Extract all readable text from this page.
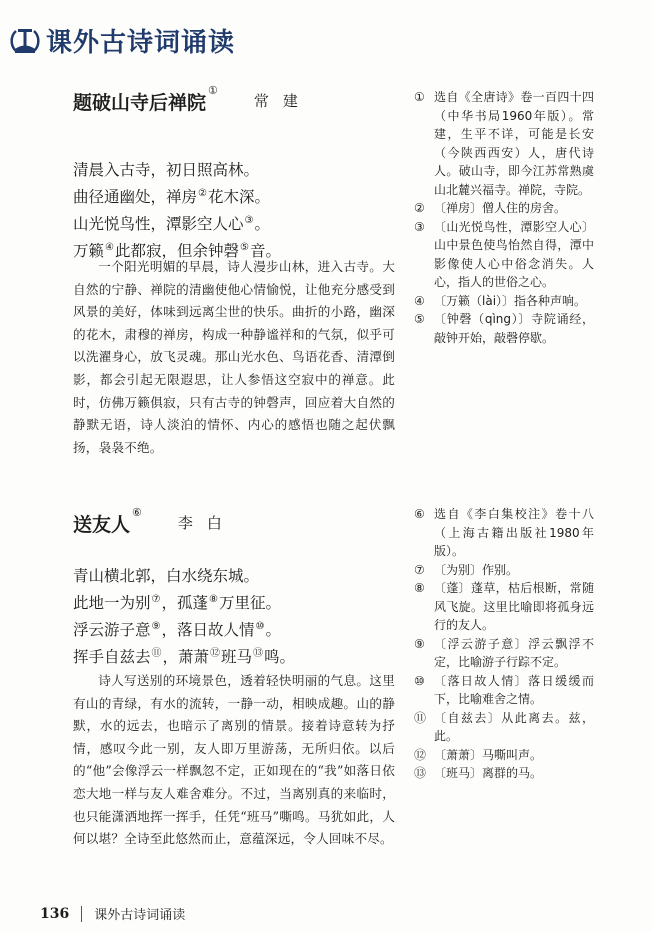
课外古诗词诵读
题破山寺后禅院
①
常建
清晨入古寺，初日照高林。
曲径通幽处，禅房②花木深。
山光悦鸟性，潭影空人心③。
万籁④此都寂，但余钟磬⑤音。
一个阳光明媚的早晨，诗人漫步山林，进入古寺。大自然的宁静、禅院的清幽使他心情愉悦，让他充分感受到风景的美好，体味到远离尘世的快乐。曲折的小路，幽深的花木，肃穆的禅房，构成一种静谧祥和的气氛，似乎可以洗濯身心，放飞灵魂。那山光水色、鸟语花香、清潭倒影，都会引起无限遐思，让人参悟这空寂中的禅意。此时，仿佛万籁俱寂，只有古寺的钟磬声，回应着大自然的静默无语，诗人淡泊的情怀、内心的感悟也随之起伏飘扬，袅袅不绝。
① 选自《全唐诗》卷一百四十四（中华书局1960年版）。常建，生平不详，可能是长安（今陕西西安）人，唐代诗人。破山寺，即今江苏常熟虞山北麓兴福寺。禅院，寺院。
② 〔禅房〕僧人住的房舍。
③ 〔山光悦鸟性，潭影空人心〕山中景色使鸟怡然自得，潭中影像使人心中俗念消失。人心，指人的世俗之心。
④ 〔万籁（lài）〕指各种声响。
⑤ 〔钟磬（qìng）〕寺院诵经，敲钟开始，敲磬停歇。
送友人
⑥
李白
青山横北郭，白水绕东城。
此地一为别⑦，孤蓬⑧万里征。
浮云游子意⑨，落日故人情⑩。
挥手自兹去⑪，萧萧⑫班马⑬鸣。
诗人写送别的环境景色，透着轻快明丽的气息。这里有山的青绿，有水的流转，一静一动，相映成趣。山的静默，水的远去，也暗示了离别的情景。接着诗意转为抒情，感叹今此一别，友人即万里游荡，无所归依。以后的“他”会像浮云一样飘忽不定，正如现在的“我”如落日依恋大地一样与友人难舍难分。不过，当离别真的来临时，也只能潇洒地挥一挥手，任凭“班马”嘶鸣。马犹如此，人何以堪？全诗至此悠然而止，意蕴深远，令人回味不尽。
⑥ 选自《李白集校注》卷十八（上海古籍出版社1980年版）。
⑦ 〔为别〕作别。
⑧ 〔蓬〕蓬草，枯后根断，常随风飞旋。这里比喻即将孤身远行的友人。
⑨ 〔浮云游子意〕浮云飘浮不定，比喻游子行踪不定。
⑩ 〔落日故人情〕落日缓缓而下，比喻难舍之情。
⑪ 〔自兹去〕从此离去。兹，此。
⑫ 〔萧萧〕马嘶叫声。
⑬ 〔班马〕离群的马。
136 课外古诗词诵读
